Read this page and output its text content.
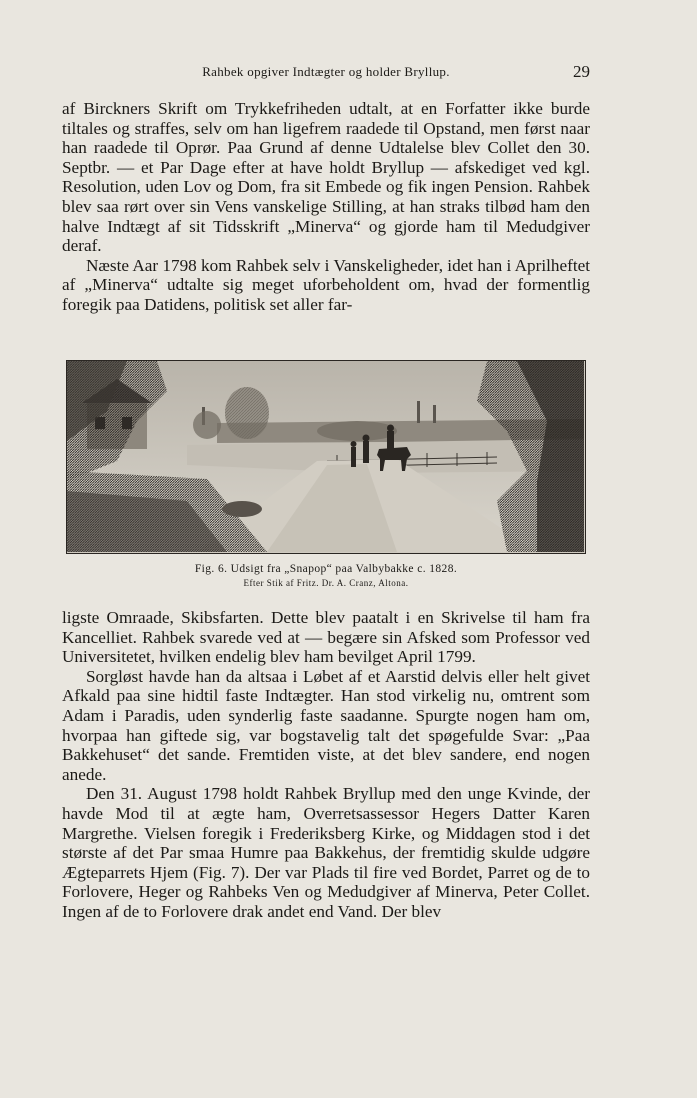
Rahbek opgiver Indtægter og holder Bryllup.	29

af Birckners Skrift om Trykkefriheden udtalt, at en Forfatter ikke burde tiltales og straffes, selv om han ligefrem raadede til Opstand, men først naar han raadede til Oprør. Paa Grund af denne Udtalelse blev Collet den 30. Septbr. — et Par Dage efter at have holdt Bryllup — afskediget ved kgl. Resolution, uden Lov og Dom, fra sit Embede og fik ingen Pension. Rahbek blev saa rørt over sin Vens vanskelige Stilling, at han straks tilbød ham den halve Indtægt af sit Tidsskrift „Minerva“ og gjorde ham til Medudgiver deraf.

Næste Aar 1798 kom Rahbek selv i Vanskeligheder, idet han i Aprilheftet af „Minerva“ udtalte sig meget uforbeholdent om, hvad der formentlig foregik paa Datidens, politisk set aller far-

Fig. 6. Udsigt fra „Snapop“ paa Valbybakke c. 1828.
Efter Stik af Fritz. Dr. A. Cranz, Altona.

ligste Omraade, Skibsfarten. Dette blev paatalt i en Skrivelse til ham fra Kancelliet. Rahbek svarede ved at — begære sin Afsked som Professor ved Universitetet, hvilken endelig blev ham bevilget April 1799.

Sorgløst havde han da altsaa i Løbet af et Aarstid delvis eller helt givet Afkald paa sine hidtil faste Indtægter. Han stod virkelig nu, omtrent som Adam i Paradis, uden synderlig faste saadanne. Spurgte nogen ham om, hvorpaa han giftede sig, var bogstavelig talt det spøgefulde Svar: „Paa Bakkehuset“ det sande. Fremtiden viste, at det blev sandere, end nogen anede.

Den 31. August 1798 holdt Rahbek Bryllup med den unge Kvinde, der havde Mod til at ægte ham, Overretsassessor Hegers Datter Karen Margrethe. Vielsen foregik i Frederiksberg Kirke, og Middagen stod i det største af det Par smaa Humre paa Bakkehus, der fremtidig skulde udgøre Ægteparrets Hjem (Fig. 7). Der var Plads til fire ved Bordet, Parret og de to Forlovere, Heger og Rahbeks Ven og Medudgiver af Minerva, Peter Collet. Ingen af de to Forlovere drak andet end Vand. Der blev
